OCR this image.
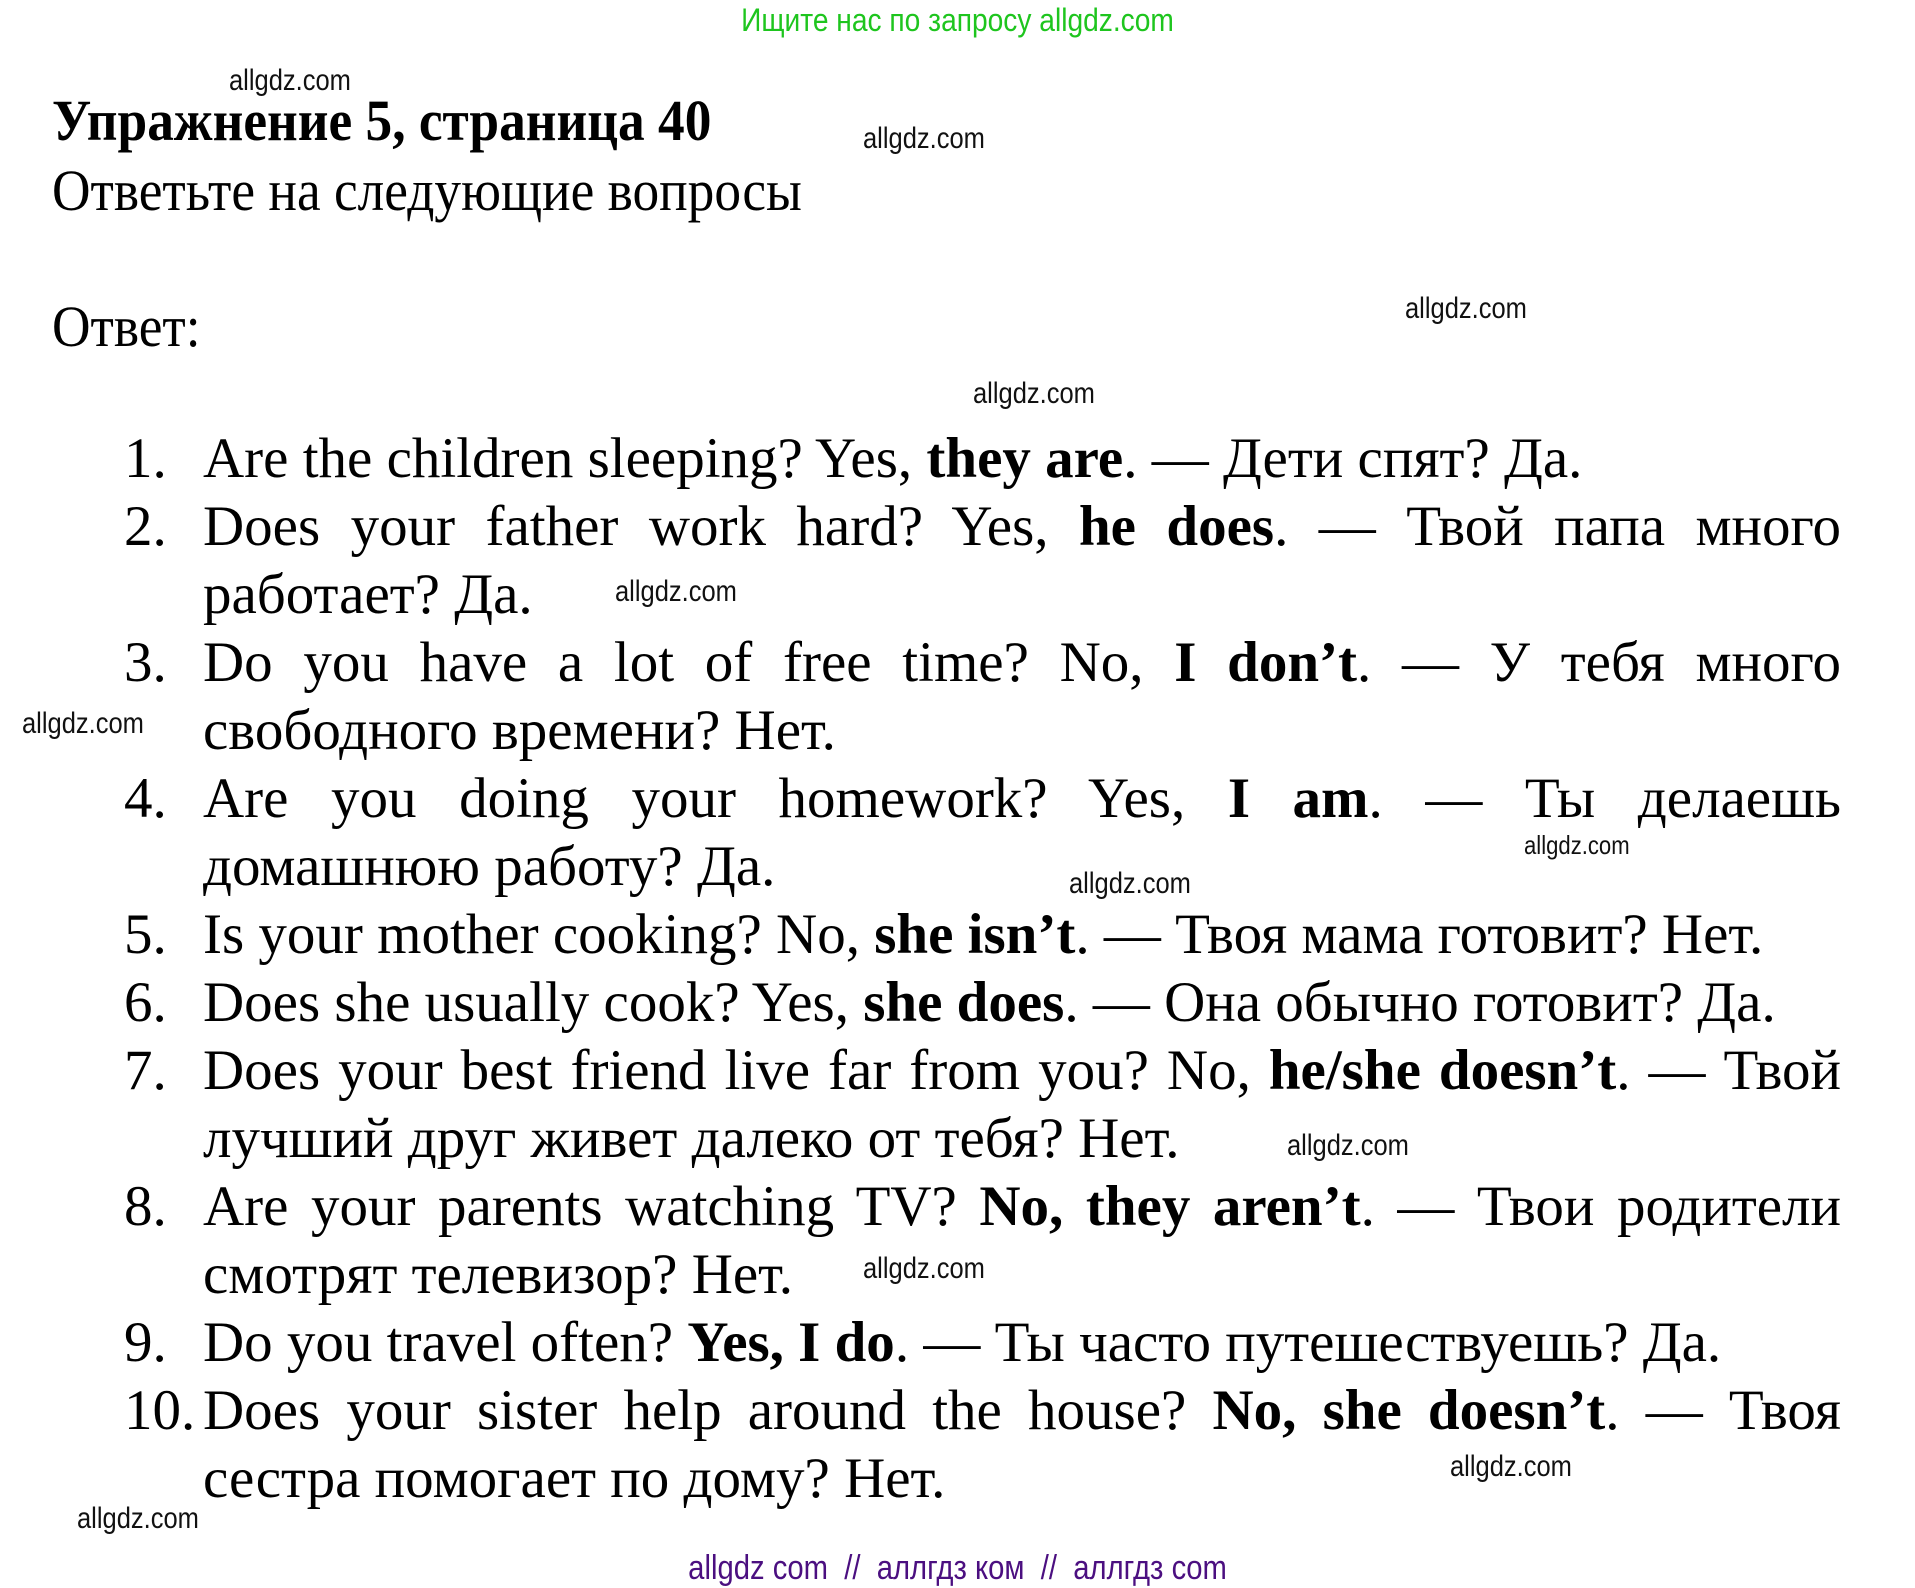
Ищите нас по запросу allgdz.com
allgdz.com
Упражнение 5, страница 40	allgdz.com
Ответьте на следующие вопросы
allgdz.com
Ответ:
allgdz.com
1. Are the children sleeping? Yes, they are. — Дети спят? Да.
2. Does your father work hard? Yes, he does. — Твой папа много работает? Да.
3. Do you have a lot of free time? No, I don’t. — У тебя много свободного времени? Нет.
4. Are you doing your homework? Yes, I am. — Ты делаешь домашнюю работу? Да.
5. Is your mother cooking? No, she isn’t. — Твоя мама готовит? Нет.
6. Does she usually cook? Yes, she does. — Она обычно готовит? Да.
7. Does your best friend live far from you? No, he/she doesn’t. — Твой лучший друг живет далеко от тебя? Нет.
8. Are your parents watching TV? No, they aren’t. — Твои родители смотрят телевизор? Нет.
9. Do you travel often? Yes, I do. — Ты часто путешествуешь? Да.
10. Does your sister help around the house? No, she doesn’t. — Твоя сестра помогает по дому? Нет.
allgdz.com
allgdz.com
allgdz.com
allgdz.com
allgdz.com
allgdz.com
allgdz.com
allgdz.com
allgdz com  //  аллгдз ком  //  аллгдз com
